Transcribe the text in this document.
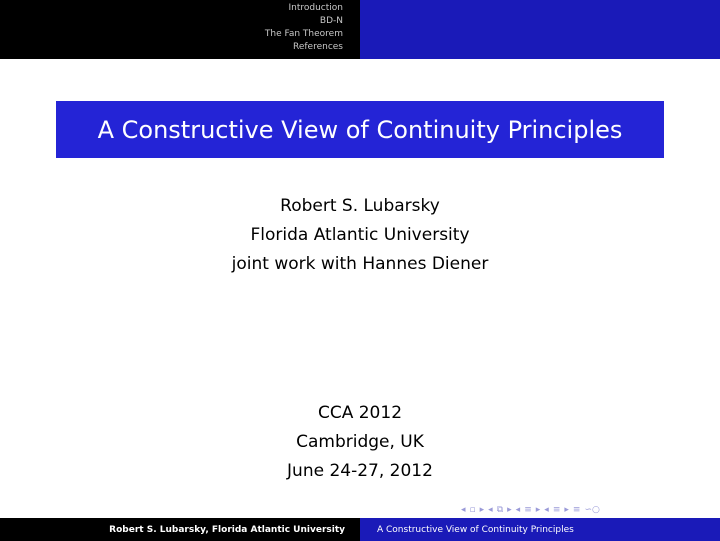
Introduction
BD-N
The Fan Theorem
References
A Constructive View of Continuity Principles
Robert S. Lubarsky
Florida Atlantic University
joint work with Hannes Diener
CCA 2012
Cambridge, UK
June 24-27, 2012
◂ ▫ ▸ ◂ ⧉ ▸ ◂ ≡ ▸ ◂ ≡ ▸ ≡ ∽○
Robert S. Lubarsky, Florida Atlantic University	A Constructive View of Continuity Principles
